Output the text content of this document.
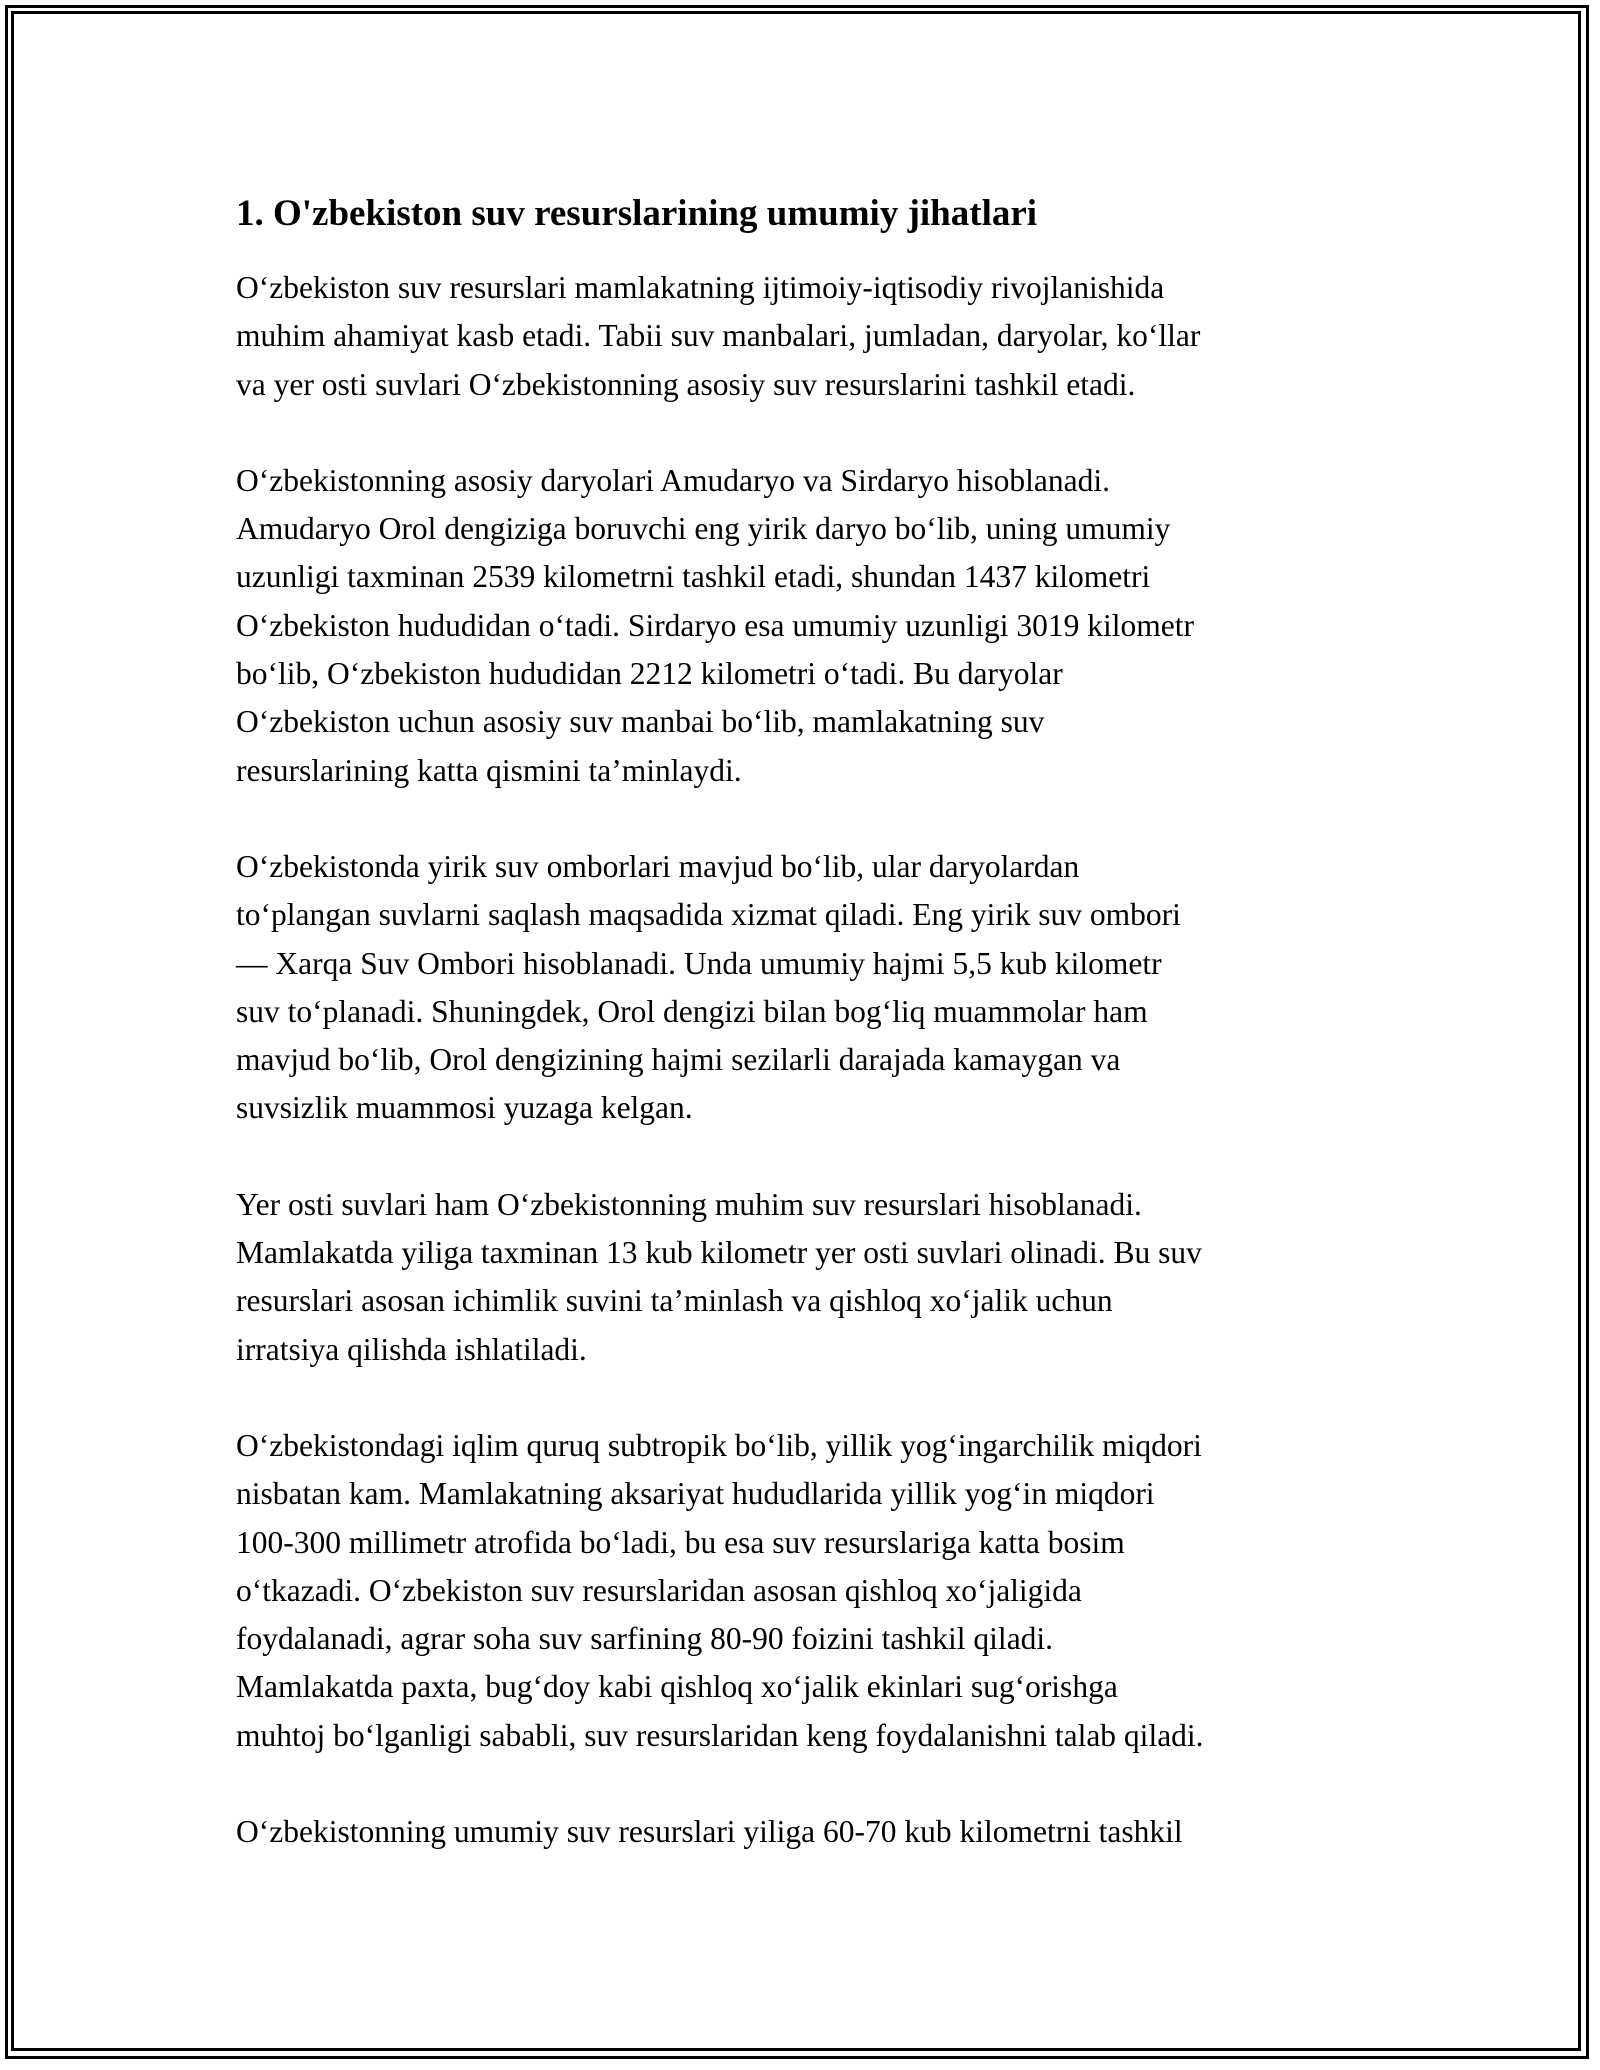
1. O'zbekiston suv resurslarining umumiy jihatlari

O‘zbekiston suv resurslari mamlakatning ijtimoiy-iqtisodiy rivojlanishida
muhim ahamiyat kasb etadi. Tabii suv manbalari, jumladan, daryolar, ko‘llar
va yer osti suvlari O‘zbekistonning asosiy suv resurslarini tashkil etadi.

O‘zbekistonning asosiy daryolari Amudaryo va Sirdaryo hisoblanadi.
Amudaryo Orol dengiziga boruvchi eng yirik daryo bo‘lib, uning umumiy
uzunligi taxminan 2539 kilometrni tashkil etadi, shundan 1437 kilometri
O‘zbekiston hududidan o‘tadi. Sirdaryo esa umumiy uzunligi 3019 kilometr
bo‘lib, O‘zbekiston hududidan 2212 kilometri o‘tadi. Bu daryolar
O‘zbekiston uchun asosiy suv manbai bo‘lib, mamlakatning suv
resurslarining katta qismini ta’minlaydi.

O‘zbekistonda yirik suv omborlari mavjud bo‘lib, ular daryolardan
to‘plangan suvlarni saqlash maqsadida xizmat qiladi. Eng yirik suv ombori
— Xarqa Suv Ombori hisoblanadi. Unda umumiy hajmi 5,5 kub kilometr
suv to‘planadi. Shuningdek, Orol dengizi bilan bog‘liq muammolar ham
mavjud bo‘lib, Orol dengizining hajmi sezilarli darajada kamaygan va
suvsizlik muammosi yuzaga kelgan.

Yer osti suvlari ham O‘zbekistonning muhim suv resurslari hisoblanadi.
Mamlakatda yiliga taxminan 13 kub kilometr yer osti suvlari olinadi. Bu suv
resurslari asosan ichimlik suvini ta’minlash va qishloq xo‘jalik uchun
irratsiya qilishda ishlatiladi.

O‘zbekistondagi iqlim quruq subtropik bo‘lib, yillik yog‘ingarchilik miqdori
nisbatan kam. Mamlakatning aksariyat hududlarida yillik yog‘in miqdori
100-300 millimetr atrofida bo‘ladi, bu esa suv resurslariga katta bosim
o‘tkazadi. O‘zbekiston suv resurslaridan asosan qishloq xo‘jaligida
foydalanadi, agrar soha suv sarfining 80-90 foizini tashkil qiladi.
Mamlakatda paxta, bug‘doy kabi qishloq xo‘jalik ekinlari sug‘orishga
muhtoj bo‘lganligi sababli, suv resurslaridan keng foydalanishni talab qiladi.

O‘zbekistonning umumiy suv resurslari yiliga 60-70 kub kilometrni tashkil
